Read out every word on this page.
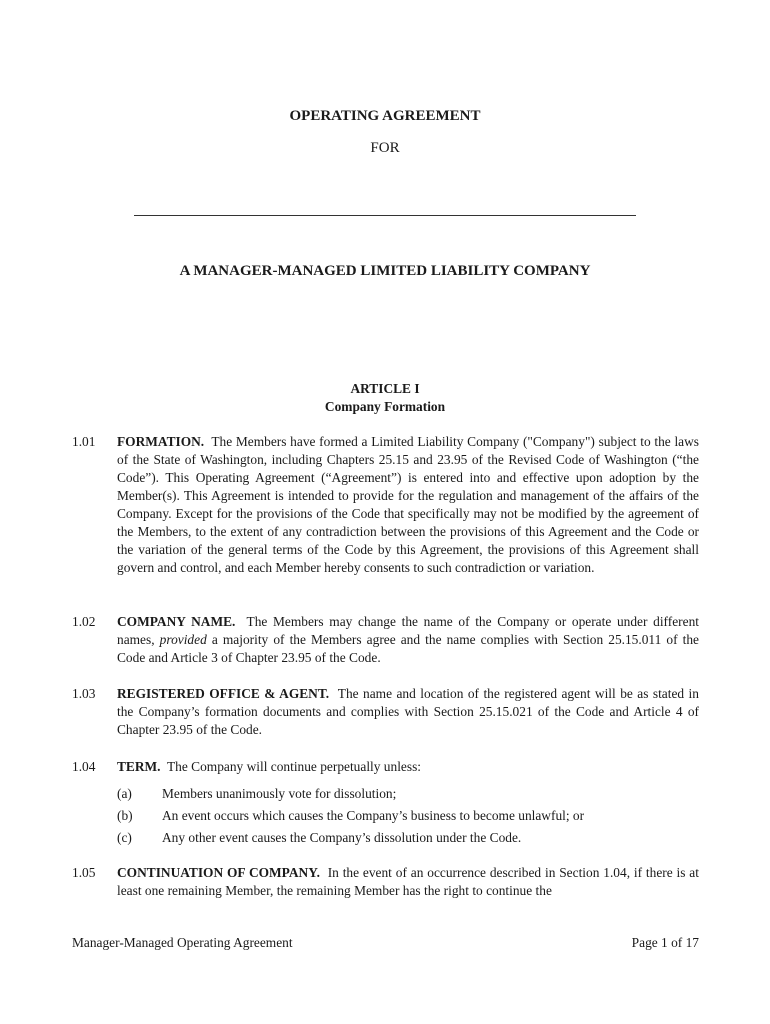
OPERATING AGREEMENT
FOR
A MANAGER-MANAGED LIMITED LIABILITY COMPANY
ARTICLE I
Company Formation
1.01	FORMATION. The Members have formed a Limited Liability Company ("Company") subject to the laws of the State of Washington, including Chapters 25.15 and 23.95 of the Revised Code of Washington (“the Code”). This Operating Agreement (“Agreement”) is entered into and effective upon adoption by the Member(s). This Agreement is intended to provide for the regulation and management of the affairs of the Company. Except for the provisions of the Code that specifically may not be modified by the agreement of the Members, to the extent of any contradiction between the provisions of this Agreement and the Code or the variation of the general terms of the Code by this Agreement, the provisions of this Agreement shall govern and control, and each Member hereby consents to such contradiction or variation.
1.02	COMPANY NAME. The Members may change the name of the Company or operate under different names, provided a majority of the Members agree and the name complies with Section 25.15.011 of the Code and Article 3 of Chapter 23.95 of the Code.
1.03	REGISTERED OFFICE & AGENT. The name and location of the registered agent will be as stated in the Company’s formation documents and complies with Section 25.15.021 of the Code and Article 4 of Chapter 23.95 of the Code.
1.04	TERM. The Company will continue perpetually unless:
(a) Members unanimously vote for dissolution;
(b) An event occurs which causes the Company’s business to become unlawful; or
(c) Any other event causes the Company’s dissolution under the Code.
1.05	CONTINUATION OF COMPANY. In the event of an occurrence described in Section 1.04, if there is at least one remaining Member, the remaining Member has the right to continue the
Manager-Managed Operating Agreement	Page 1 of 17
